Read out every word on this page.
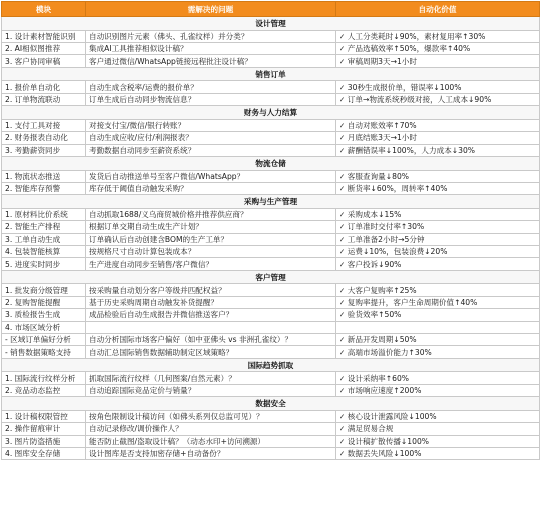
模块	需解决的问题	自动化价值
设计管理		
1. 设计素材智能识别	自动识别图片元素（佛头、孔雀纹样）并分类？	✓ 人工分类耗时↓90%，素材复用率↑30%
2. AI相似图推荐	集成AI工具推荐相似设计稿？	✓ 产品选稿效率↑50%，爆款率↑40%
3. 客户协同审稿	客户通过微信/WhatsApp链接远程批注设计稿？	✓ 审稿周期3天→1小时
销售订单		
1. 报价单自动化	自动生成含税率/运费的报价单？	✓ 30秒生成报价单，错误率↓100%
2. 订单物流联动	订单生成后自动同步物流信息？	✓ 订单→物流系统秒级对接，人工成本↓90%
财务与人力结算		
1. 支付工具对接	对接支付宝/微信/银行转账？	✓ 自动对账效率↑70%
2. 财务报表自动化	自动生成应收/应付/利润报表？	✓ 月底结账3天→1小时
3. 考勤薪资同步	考勤数据自动同步至薪资系统？	✓ 薪酬错误率↓100%，人力成本↓30%
物流仓储		
1. 物流状态推送	发货后自动推送单号至客户微信/WhatsApp？	✓ 客服查询量↓80%
2. 智能库存预警	库存低于阈值自动触发采购？	✓ 断货率↓60%，周转率↑40%
采购与生产管理		
1. 原材料比价系统	自动抓取1688/义乌商贸城价格并推荐供应商？	✓ 采购成本↓15%
2. 智能生产排程	根据订单交期自动生成生产计划？	✓ 订单准时交付率↑30%
3. 工单自动生成	订单确认后自动创建含BOM的生产工单？	✓ 工单准备2小时→5分钟
4. 包装智能核算	按规格尺寸自动计算包装成本？	✓ 运费↓10%，包装浪费↓20%
5. 进度实时同步	生产进度自动同步至销售/客户微信？	✓ 客户投诉↓90%
客户管理		
1. 批发商分级管理	按采购量自动划分客户等级并匹配权益？	✓ 大客户复购率↑25%
2. 复购智能提醒	基于历史采购周期自动触发补货提醒？	✓ 复购率提升，客户生命周期价值↑40%
3. 质检报告生成	成品检验后自动生成报告并微信推送客户？	✓ 验货效率↑50%
4. 市场区域分析		
- 区域订单偏好分析	自动分析国际市场客户偏好（如中亚佛头 vs 非洲孔雀纹）？	✓ 新品开发周期↓50%
- 销售数据策略支持	自动汇总国际销售数据辅助制定区域策略？	✓ 高端市场溢价能力↑30%
国际趋势抓取		
1. 国际流行纹样分析	抓取国际流行纹样（几何图案/自然元素）？	✓ 设计采纳率↑60%
2. 竞品动态监控	自动追踪国际竞品定价与销量？	✓ 市场响应速度↑200%
数据安全		
1. 设计稿权限管控	按角色限制设计稿访问（如佛头系列仅总监可见）？	✓ 核心设计泄露风险↓100%
2. 操作留痕审计	自动记录修改/调价操作人？	✓ 满足贸易合规
3. 图片防盗措施	能否防止截图/盗取设计稿？（动态水印+访问溯源）	✓ 设计稿扩散传播↓100%
4. 图库安全存储	设计图库是否支持加密存储+自动备份？	✓ 数据丢失风险↓100%
